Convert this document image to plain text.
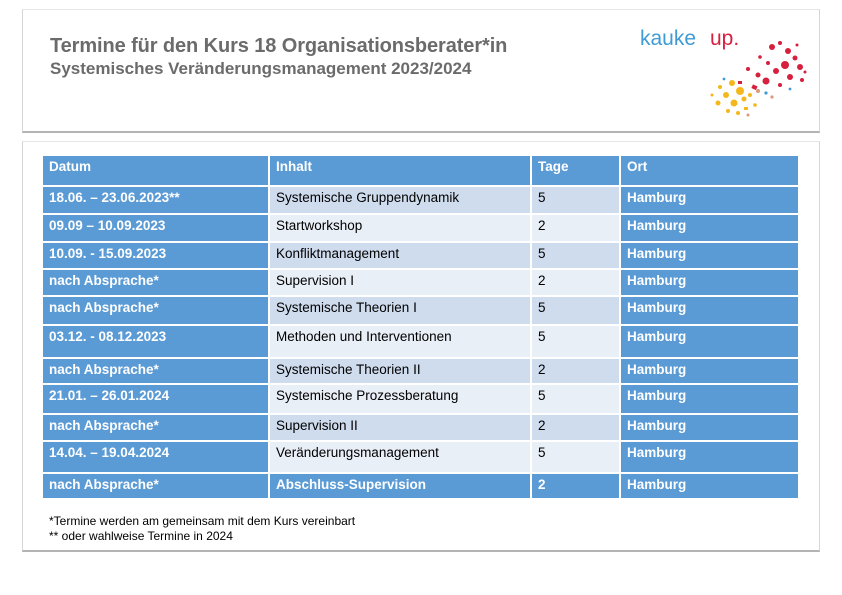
Termine für den Kurs 18 Organisationsberater*in
Systemisches Veränderungsmanagement 2023/2024
kauke up.
Datum	Inhalt	Tage	Ort
18.06. – 23.06.2023**	Systemische Gruppendynamik	5	Hamburg
09.09 – 10.09.2023	Startworkshop	2	Hamburg
10.09. - 15.09.2023	Konfliktmanagement	5	Hamburg
nach Absprache*	Supervision I	2	Hamburg
nach Absprache*	Systemische Theorien I	5	Hamburg
03.12. - 08.12.2023	Methoden und Interventionen	5	Hamburg
nach Absprache*	Systemische Theorien II	2	Hamburg
21.01. – 26.01.2024	Systemische Prozessberatung	5	Hamburg
nach Absprache*	Supervision II	2	Hamburg
14.04. – 19.04.2024	Veränderungsmanagement	5	Hamburg
nach Absprache*	Abschluss-Supervision	2	Hamburg
*Termine werden am gemeinsam mit dem Kurs vereinbart
** oder wahlweise Termine in 2024
